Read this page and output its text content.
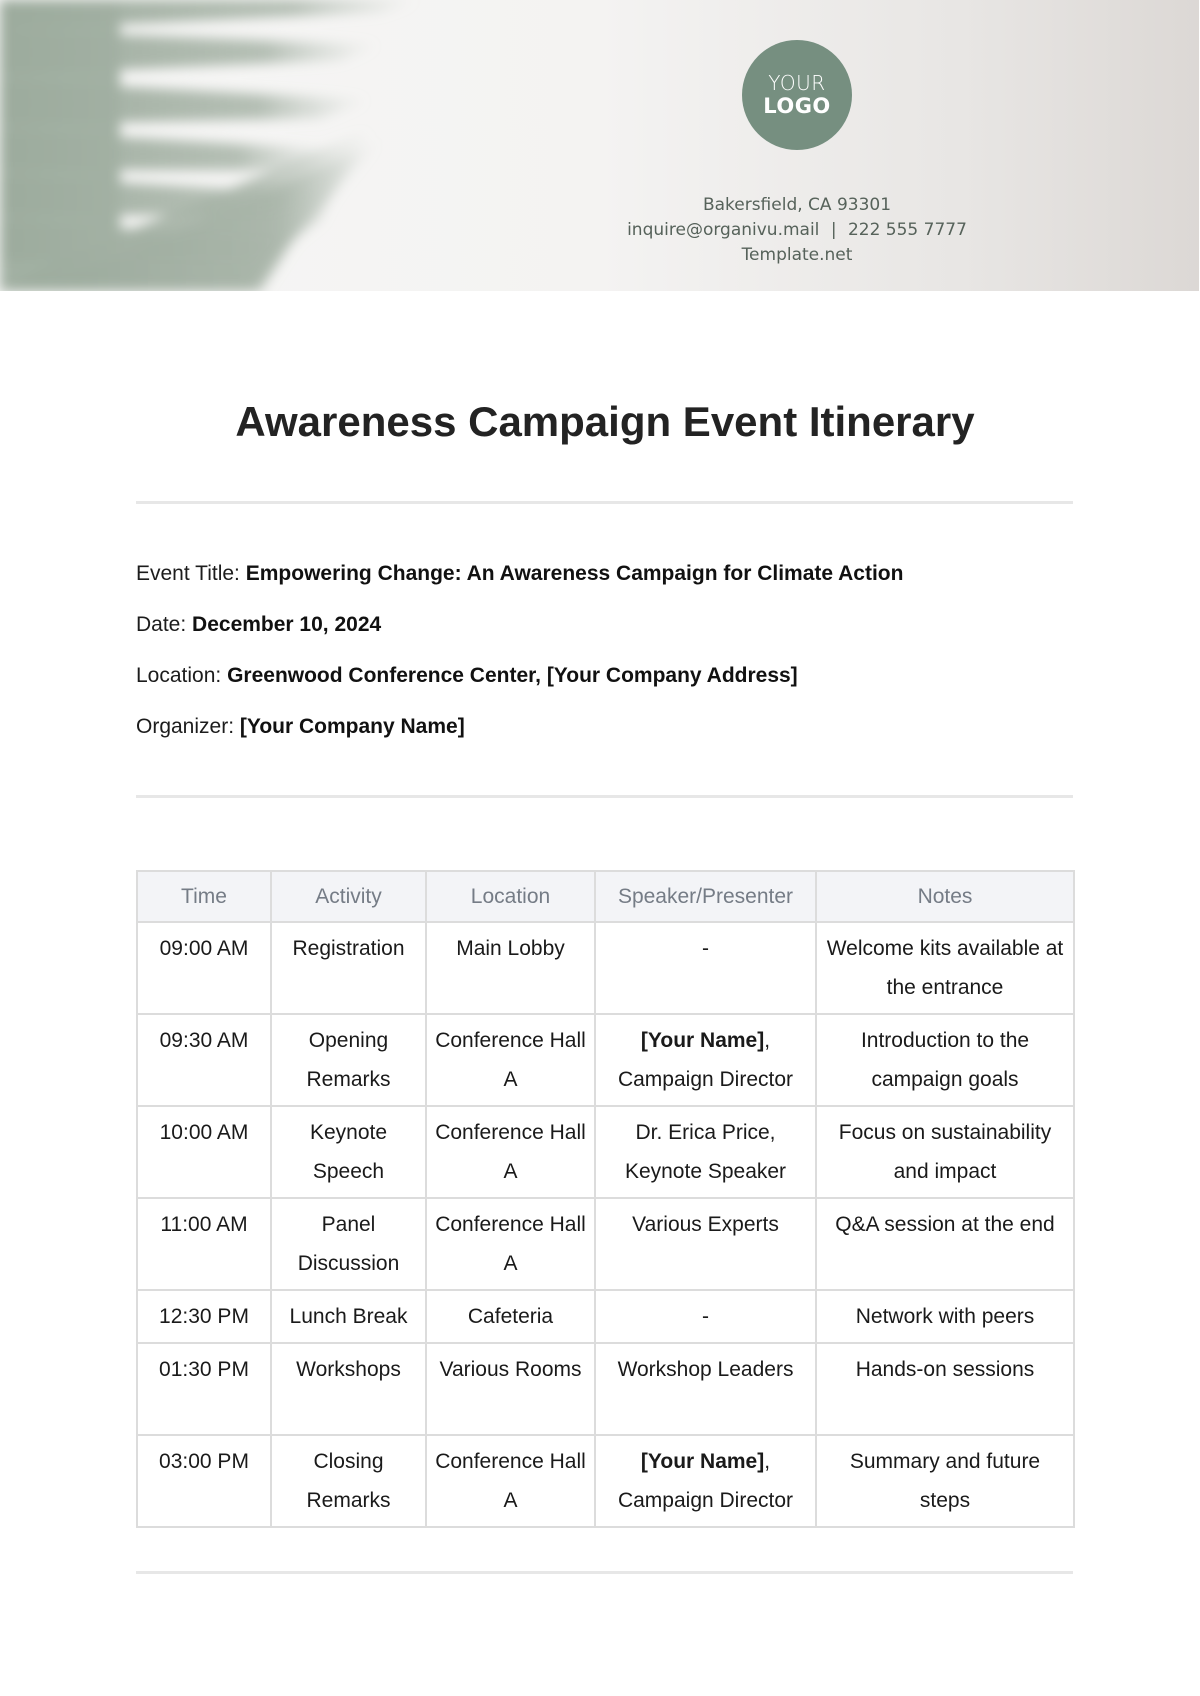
YOUR
LOGO
Bakersfield, CA 93301
inquire@organivu.mail | 222 555 7777
Template.net
Awareness Campaign Event Itinerary
Event Title: Empowering Change: An Awareness Campaign for Climate Action
Date: December 10, 2024
Location: Greenwood Conference Center, [Your Company Address]
Organizer: [Your Company Name]
Time	Activity	Location	Speaker/Presenter	Notes
09:00 AM	Registration	Main Lobby	-	Welcome kits available at the entrance
09:30 AM	Opening Remarks	Conference Hall A	[Your Name], Campaign Director	Introduction to the campaign goals
10:00 AM	Keynote Speech	Conference Hall A	Dr. Erica Price, Keynote Speaker	Focus on sustainability and impact
11:00 AM	Panel Discussion	Conference Hall A	Various Experts	Q&A session at the end
12:30 PM	Lunch Break	Cafeteria	-	Network with peers
01:30 PM	Workshops	Various Rooms	Workshop Leaders	Hands-on sessions
03:00 PM	Closing Remarks	Conference Hall A	[Your Name], Campaign Director	Summary and future steps
